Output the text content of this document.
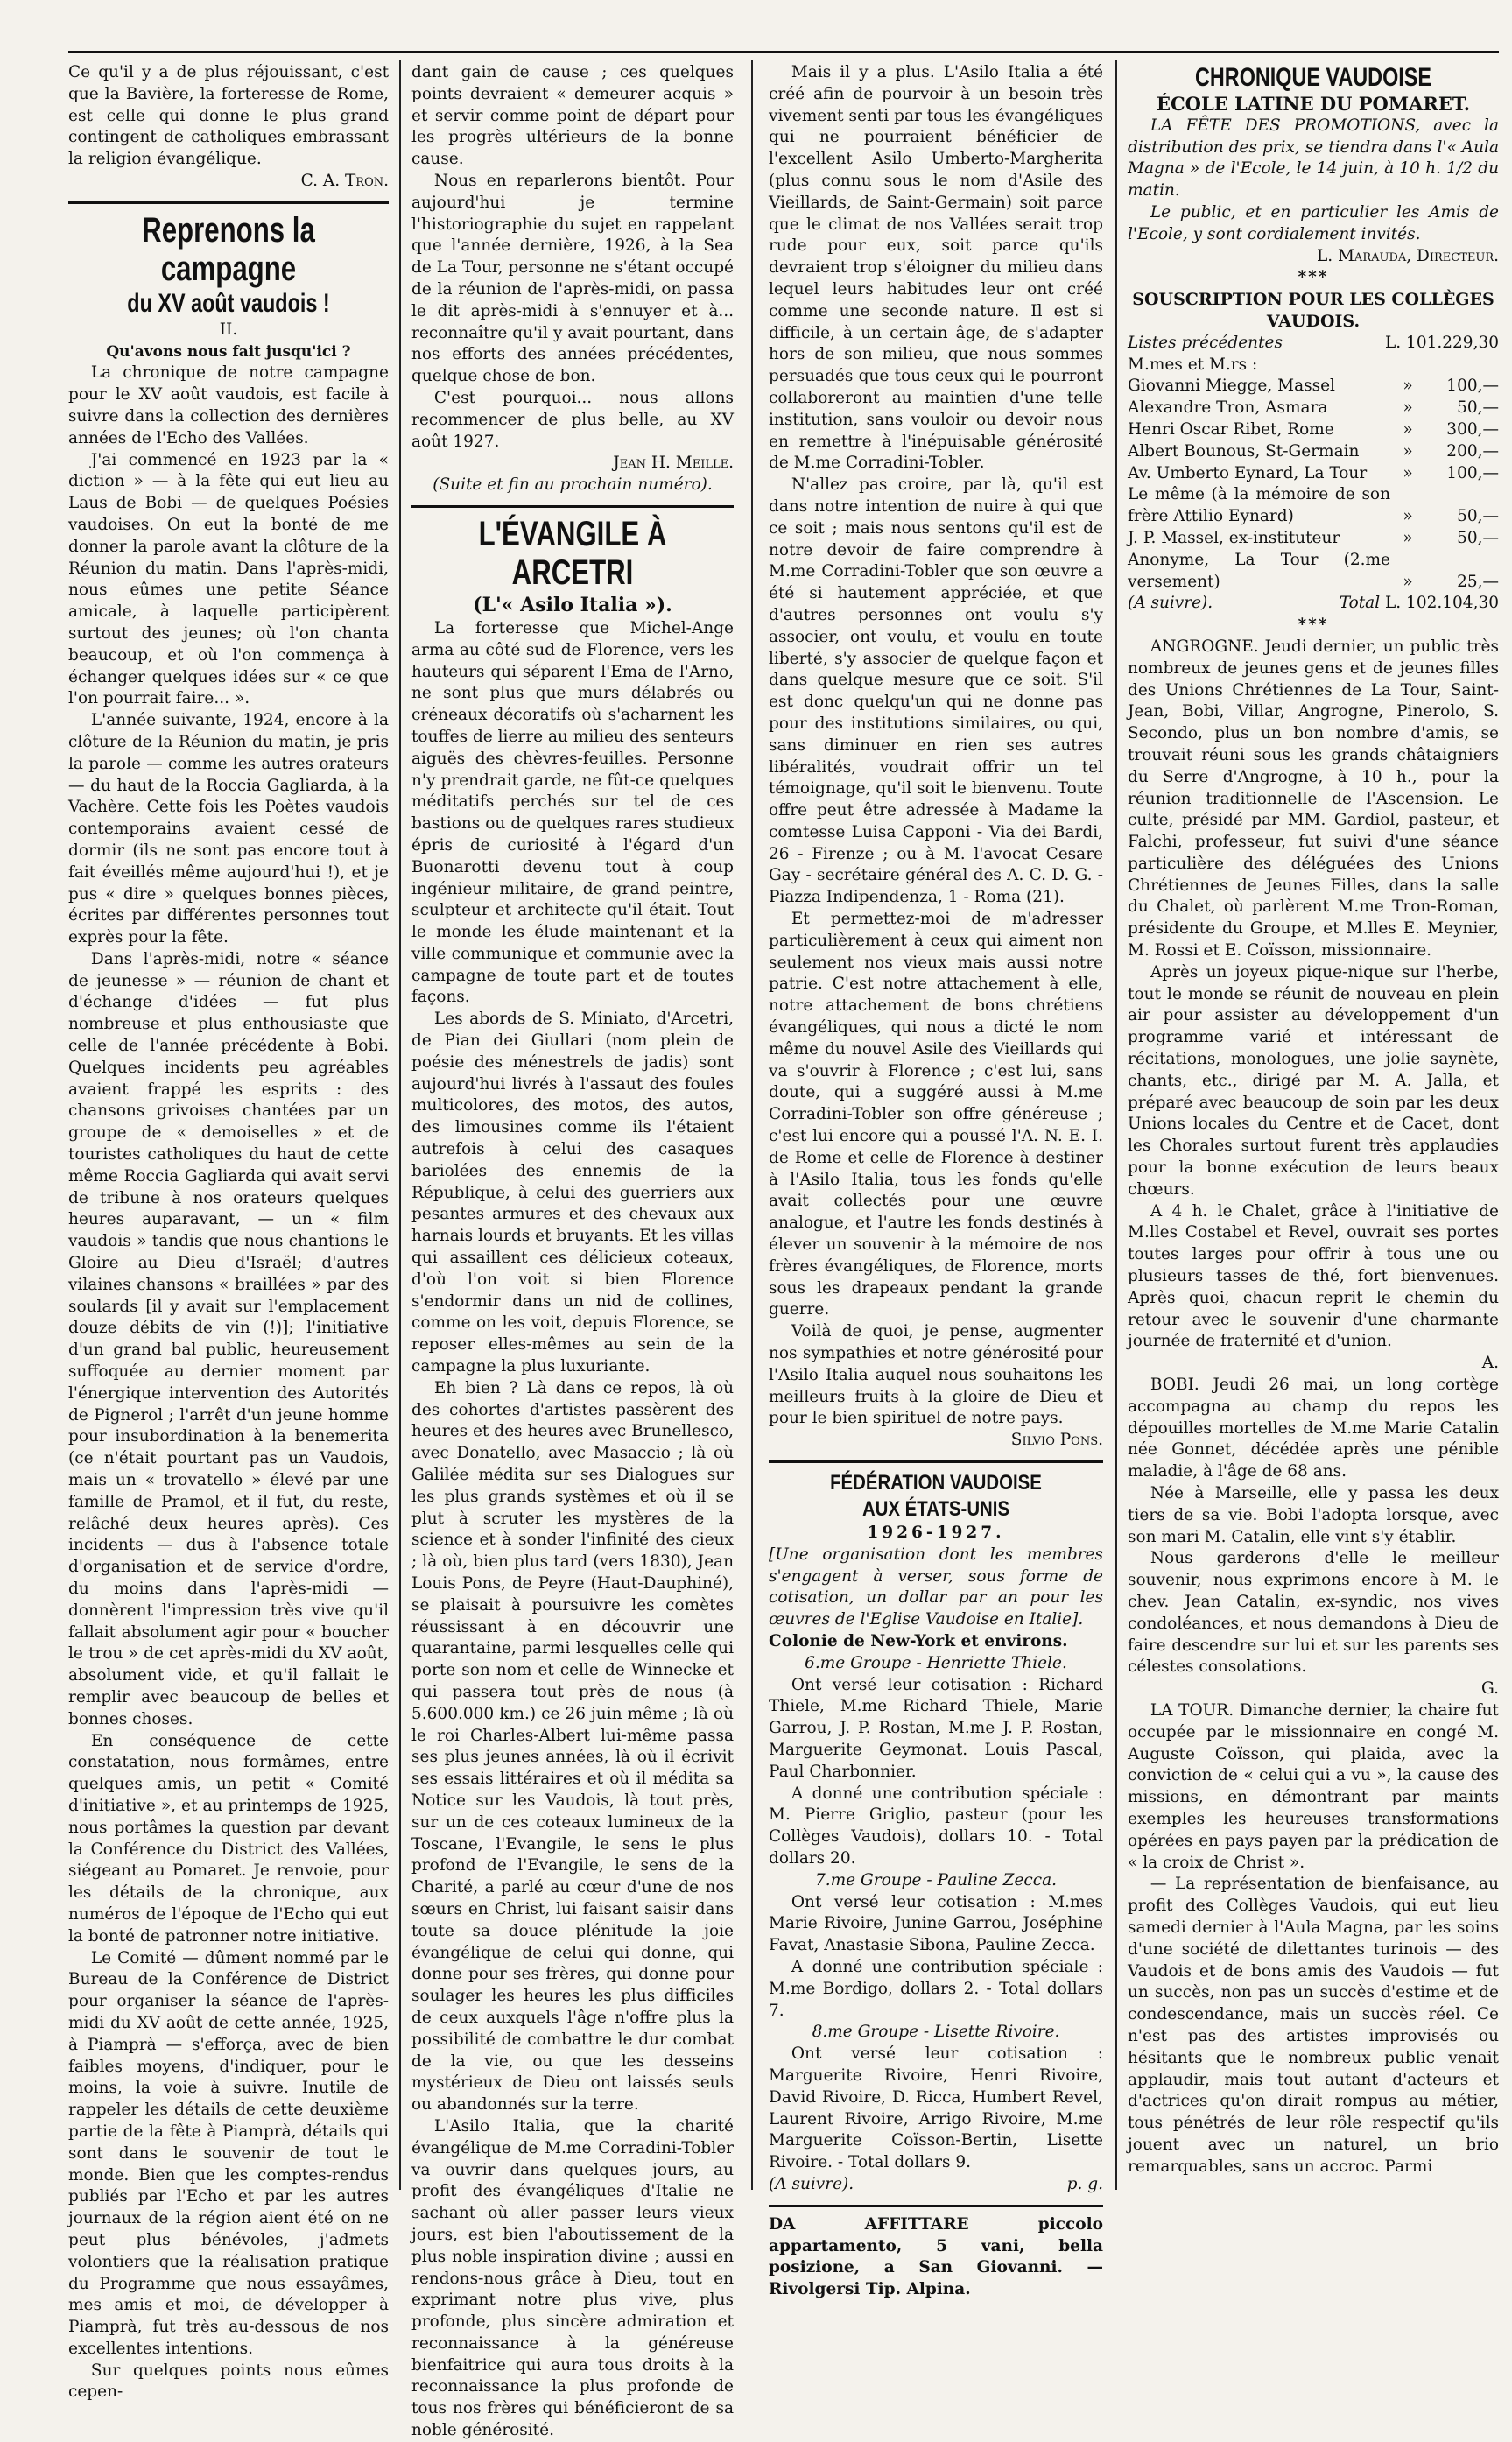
Ce qu'il y a de plus réjouissant, c'est que la Bavière, la forteresse de Rome, est celle qui donne le plus grand contingent de catholiques embrassant la religion évangélique.

C. A. Tron.

Reprenons la campagne
du XV août vaudois !

II.

Qu'avons nous fait jusqu'ici ?

La chronique de notre campagne pour le XV août vaudois, est facile à suivre dans la collection des dernières années de l'Echo des Vallées.

J'ai commencé en 1923 par la « diction » — à la fête qui eut lieu au Laus de Bobi — de quelques Poésies vaudoises. On eut la bonté de me donner la parole avant la clôture de la Réunion du matin. Dans l'après-midi, nous eûmes une petite Séance amicale, à laquelle participèrent surtout des jeunes; où l'on chanta beaucoup, et où l'on commença à échanger quelques idées sur « ce que l'on pourrait faire... ».

L'année suivante, 1924, encore à la clôture de la Réunion du matin, je pris la parole — comme les autres orateurs — du haut de la Roccia Gagliarda, à la Vachère. Cette fois les Poètes vaudois contemporains avaient cessé de dormir (ils ne sont pas encore tout à fait éveillés même aujourd'hui !), et je pus « dire » quelques bonnes pièces, écrites par différentes personnes tout exprès pour la fête.

Dans l'après-midi, notre « séance de jeunesse » — réunion de chant et d'échange d'idées — fut plus nombreuse et plus enthousiaste que celle de l'année précédente à Bobi. Quelques incidents peu agréables avaient frappé les esprits : des chansons grivoises chantées par un groupe de « demoiselles » et de touristes catholiques du haut de cette même Roccia Gagliarda qui avait servi de tribune à nos orateurs quelques heures auparavant, — un « film vaudois » tandis que nous chantions le Gloire au Dieu d'Israël; d'autres vilaines chansons « braillées » par des soulards [il y avait sur l'emplacement douze débits de vin (!)]; l'initiative d'un grand bal public, heureusement suffoquée au dernier moment par l'énergique intervention des Autorités de Pignerol ; l'arrêt d'un jeune homme pour insubordination à la benemerita (ce n'était pourtant pas un Vaudois, mais un « trovatello » élevé par une famille de Pramol, et il fut, du reste, relâché deux heures après). Ces incidents — dus à l'absence totale d'organisation et de service d'ordre, du moins dans l'après-midi — donnèrent l'impression très vive qu'il fallait absolument agir pour « boucher le trou » de cet après-midi du XV août, absolument vide, et qu'il fallait le remplir avec beaucoup de belles et bonnes choses.

En conséquence de cette constatation, nous formâmes, entre quelques amis, un petit « Comité d'initiative », et au printemps de 1925, nous portâmes la question par devant la Conférence du District des Vallées, siégeant au Pomaret. Je renvoie, pour les détails de la chronique, aux numéros de l'époque de l'Echo qui eut la bonté de patronner notre initiative.

Le Comité — dûment nommé par le Bureau de la Conférence de District pour organiser la séance de l'après-midi du XV août de cette année, 1925, à Piamprà — s'efforça, avec de bien faibles moyens, d'indiquer, pour le moins, la voie à suivre. Inutile de rappeler les détails de cette deuxième partie de la fête à Piamprà, détails qui sont dans le souvenir de tout le monde. Bien que les comptes-rendus publiés par l'Echo et par les autres journaux de la région aient été on ne peut plus bénévoles, j'admets volontiers que la réalisation pratique du Programme que nous essayâmes, mes amis et moi, de développer à Piamprà, fut très au-dessous de nos excellentes intentions.

Sur quelques points nous eûmes cepen-

dant gain de cause ; ces quelques points devraient « demeurer acquis » et servir comme point de départ pour les progrès ultérieurs de la bonne cause.

Nous en reparlerons bientôt. Pour aujourd'hui je termine l'historiographie du sujet en rappelant que l'année dernière, 1926, à la Sea de La Tour, personne ne s'étant occupé de la réunion de l'après-midi, on passa le dit après-midi à s'ennuyer et à... reconnaître qu'il y avait pourtant, dans nos efforts des années précédentes, quelque chose de bon.

C'est pourquoi... nous allons recommencer de plus belle, au XV août 1927.

Jean H. Meille.

(Suite et fin au prochain numéro).

L'ÉVANGILE À ARCETRI

(L'« Asilo Italia »).

La forteresse que Michel-Ange arma au côté sud de Florence, vers les hauteurs qui séparent l'Ema de l'Arno, ne sont plus que murs délabrés ou créneaux décoratifs où s'acharnent les touffes de lierre au milieu des senteurs aiguës des chèvres-feuilles. Personne n'y prendrait garde, ne fût-ce quelques méditatifs perchés sur tel de ces bastions ou de quelques rares studieux épris de curiosité à l'égard d'un Buonarotti devenu tout à coup ingénieur militaire, de grand peintre, sculpteur et architecte qu'il était. Tout le monde les élude maintenant et la ville communique et communie avec la campagne de toute part et de toutes façons.

Les abords de S. Miniato, d'Arcetri, de Pian dei Giullari (nom plein de poésie des ménestrels de jadis) sont aujourd'hui livrés à l'assaut des foules multicolores, des motos, des autos, des limousines comme ils l'étaient autrefois à celui des casaques bariolées des ennemis de la République, à celui des guerriers aux pesantes armures et des chevaux aux harnais lourds et bruyants. Et les villas qui assaillent ces délicieux coteaux, d'où l'on voit si bien Florence s'endormir dans un nid de collines, comme on les voit, depuis Florence, se reposer elles-mêmes au sein de la campagne la plus luxuriante.

Eh bien ? Là dans ce repos, là où des cohortes d'artistes passèrent des heures et des heures avec Brunellesco, avec Donatello, avec Masaccio ; là où Galilée médita sur ses Dialogues sur les plus grands systèmes et où il se plut à scruter les mystères de la science et à sonder l'infinité des cieux ; là où, bien plus tard (vers 1830), Jean Louis Pons, de Peyre (Haut-Dauphiné), se plaisait à poursuivre les comètes réussissant à en découvrir une quarantaine, parmi lesquelles celle qui porte son nom et celle de Winnecke et qui passera tout près de nous (à 5.600.000 km.) ce 26 juin même ; là où le roi Charles-Albert lui-même passa ses plus jeunes années, là où il écrivit ses essais littéraires et où il médita sa Notice sur les Vaudois, là tout près, sur un de ces coteaux lumineux de la Toscane, l'Evangile, le sens le plus profond de l'Evangile, le sens de la Charité, a parlé au cœur d'une de nos sœurs en Christ, lui faisant saisir dans toute sa douce plénitude la joie évangélique de celui qui donne, qui donne pour ses frères, qui donne pour soulager les heures les plus difficiles de ceux auxquels l'âge n'offre plus la possibilité de combattre le dur combat de la vie, ou que les desseins mystérieux de Dieu ont laissés seuls ou abandonnés sur la terre.

L'Asilo Italia, que la charité évangélique de M.me Corradini-Tobler va ouvrir dans quelques jours, au profit des évangéliques d'Italie ne sachant où aller passer leurs vieux jours, est bien l'aboutissement de la plus noble inspiration divine ; aussi en rendons-nous grâce à Dieu, tout en exprimant notre plus vive, plus profonde, plus sincère admiration et reconnaissance à la généreuse bienfaitrice qui aura tous droits à la reconnaissance la plus profonde de tous nos frères qui bénéficieront de sa noble générosité.

Mais il y a plus. L'Asilo Italia a été créé afin de pourvoir à un besoin très vivement senti par tous les évangéliques qui ne pourraient bénéficier de l'excellent Asilo Umberto-Margherita (plus connu sous le nom d'Asile des Vieillards, de Saint-Germain) soit parce que le climat de nos Vallées serait trop rude pour eux, soit parce qu'ils devraient trop s'éloigner du milieu dans lequel leurs habitudes leur ont créé comme une seconde nature. Il est si difficile, à un certain âge, de s'adapter hors de son milieu, que nous sommes persuadés que tous ceux qui le pourront collaboreront au maintien d'une telle institution, sans vouloir ou devoir nous en remettre à l'inépuisable générosité de M.me Corradini-Tobler.

N'allez pas croire, par là, qu'il est dans notre intention de nuire à qui que ce soit ; mais nous sentons qu'il est de notre devoir de faire comprendre à M.me Corradini-Tobler que son œuvre a été si hautement appréciée, et que d'autres personnes ont voulu s'y associer, ont voulu, et voulu en toute liberté, s'y associer de quelque façon et dans quelque mesure que ce soit. S'il est donc quelqu'un qui ne donne pas pour des institutions similaires, ou qui, sans diminuer en rien ses autres libéralités, voudrait offrir un tel témoignage, qu'il soit le bienvenu. Toute offre peut être adressée à Madame la comtesse Luisa Capponi - Via dei Bardi, 26 - Firenze ; ou à M. l'avocat Cesare Gay - secrétaire général des A. C. D. G. - Piazza Indipendenza, 1 - Roma (21).

Et permettez-moi de m'adresser particulièrement à ceux qui aiment non seulement nos vieux mais aussi notre patrie. C'est notre attachement à elle, notre attachement de bons chrétiens évangéliques, qui nous a dicté le nom même du nouvel Asile des Vieillards qui va s'ouvrir à Florence ; c'est lui, sans doute, qui a suggéré aussi à M.me Corradini-Tobler son offre généreuse ; c'est lui encore qui a poussé l'A. N. E. I. de Rome et celle de Florence à destiner à l'Asilo Italia, tous les fonds qu'elle avait collectés pour une œuvre analogue, et l'autre les fonds destinés à élever un souvenir à la mémoire de nos frères évangéliques, de Florence, morts sous les drapeaux pendant la grande guerre.

Voilà de quoi, je pense, augmenter nos sympathies et notre générosité pour l'Asilo Italia auquel nous souhaitons les meilleurs fruits à la gloire de Dieu et pour le bien spirituel de notre pays.

Silvio Pons.

FÉDÉRATION VAUDOISE
AUX ÉTATS-UNIS

1926-1927.

[Une organisation dont les membres s'engagent à verser, sous forme de cotisation, un dollar par an pour les œuvres de l'Eglise Vaudoise en Italie].

Colonie de New-York et environs.

6.me Groupe - Henriette Thiele.

Ont versé leur cotisation : Richard Thiele, M.me Richard Thiele, Marie Garrou, J. P. Rostan, M.me J. P. Rostan, Marguerite Geymonat. Louis Pascal, Paul Charbonnier.

A donné une contribution spéciale : M. Pierre Griglio, pasteur (pour les Collèges Vaudois), dollars 10. - Total dollars 20.

7.me Groupe - Pauline Zecca.

Ont versé leur cotisation : M.mes Marie Rivoire, Junine Garrou, Joséphine Favat, Anastasie Sibona, Pauline Zecca.

A donné une contribution spéciale : M.me Bordigo, dollars 2. - Total dollars 7.

8.me Groupe - Lisette Rivoire.

Ont versé leur cotisation : Marguerite Rivoire, Henri Rivoire, David Rivoire, D. Ricca, Humbert Revel, Laurent Rivoire, Arrigo Rivoire, M.me Marguerite Coïsson-Bertin, Lisette Rivoire. - Total dollars 9.

(A suivre).	p. g.

DA AFFITTARE piccolo appartamento, 5 vani, bella posizione, a San Giovanni. — Rivolgersi Tip. Alpina.

CHRONIQUE VAUDOISE

ÉCOLE LATINE DU POMARET.

LA FÊTE DES PROMOTIONS, avec la distribution des prix, se tiendra dans l'« Aula Magna » de l'Ecole, le 14 juin, à 10 h. 1/2 du matin.

Le public, et en particulier les Amis de l'Ecole, y sont cordialement invités.

L. Marauda, Directeur.

***

SOUSCRIPTION POUR LES COLLÈGES VAUDOIS.

Listes précédentes	L. 101.229,30

M.mes et M.rs :

Giovanni Miegge, Massel	»	100,—
Alexandre Tron, Asmara	»	50,—
Henri Oscar Ribet, Rome	»	300,—
Albert Bounous, St-Germain	»	200,—
Av. Umberto Eynard, La Tour	»	100,—
Le même (à la mémoire de son frère Attilio Eynard)	»	50,—
J. P. Massel, ex-instituteur	»	50,—
Anonyme, La Tour (2.me versement)	»	25,—
(A suivre).	Total L. 102.104,30

***

ANGROGNE. Jeudi dernier, un public très nombreux de jeunes gens et de jeunes filles des Unions Chrétiennes de La Tour, Saint-Jean, Bobi, Villar, Angrogne, Pinerolo, S. Secondo, plus un bon nombre d'amis, se trouvait réuni sous les grands châtaigniers du Serre d'Angrogne, à 10 h., pour la réunion traditionnelle de l'Ascension. Le culte, présidé par MM. Gardiol, pasteur, et Falchi, professeur, fut suivi d'une séance particulière des déléguées des Unions Chrétiennes de Jeunes Filles, dans la salle du Chalet, où parlèrent M.me Tron-Roman, présidente du Groupe, et M.lles E. Meynier, M. Rossi et E. Coïsson, missionnaire.

Après un joyeux pique-nique sur l'herbe, tout le monde se réunit de nouveau en plein air pour assister au développement d'un programme varié et intéressant de récitations, monologues, une jolie saynète, chants, etc., dirigé par M. A. Jalla, et préparé avec beaucoup de soin par les deux Unions locales du Centre et de Cacet, dont les Chorales surtout furent très applaudies pour la bonne exécution de leurs beaux chœurs.

A 4 h. le Chalet, grâce à l'initiative de M.lles Costabel et Revel, ouvrait ses portes toutes larges pour offrir à tous une ou plusieurs tasses de thé, fort bienvenues. Après quoi, chacun reprit le chemin du retour avec le souvenir d'une charmante journée de fraternité et d'union.

A.

BOBI. Jeudi 26 mai, un long cortège accompagna au champ du repos les dépouilles mortelles de M.me Marie Catalin née Gonnet, décédée après une pénible maladie, à l'âge de 68 ans.

Née à Marseille, elle y passa les deux tiers de sa vie. Bobi l'adopta lorsque, avec son mari M. Catalin, elle vint s'y établir.

Nous garderons d'elle le meilleur souvenir, nous exprimons encore à M. le chev. Jean Catalin, ex-syndic, nos vives condoléances, et nous demandons à Dieu de faire descendre sur lui et sur les parents ses célestes consolations.

G.

LA TOUR. Dimanche dernier, la chaire fut occupée par le missionnaire en congé M. Auguste Coïsson, qui plaida, avec la conviction de « celui qui a vu », la cause des missions, en démontrant par maints exemples les heureuses transformations opérées en pays payen par la prédication de « la croix de Christ ».

— La représentation de bienfaisance, au profit des Collèges Vaudois, qui eut lieu samedi dernier à l'Aula Magna, par les soins d'une société de dilettantes turinois — des Vaudois et de bons amis des Vaudois — fut un succès, non pas un succès d'estime et de condescendance, mais un succès réel. Ce n'est pas des artistes improvisés ou hésitants que le nombreux public venait applaudir, mais tout autant d'acteurs et d'actrices qu'on dirait rompus au métier, tous pénétrés de leur rôle respectif qu'ils jouent avec un naturel, un brio remarquables, sans un accroc. Parmi
